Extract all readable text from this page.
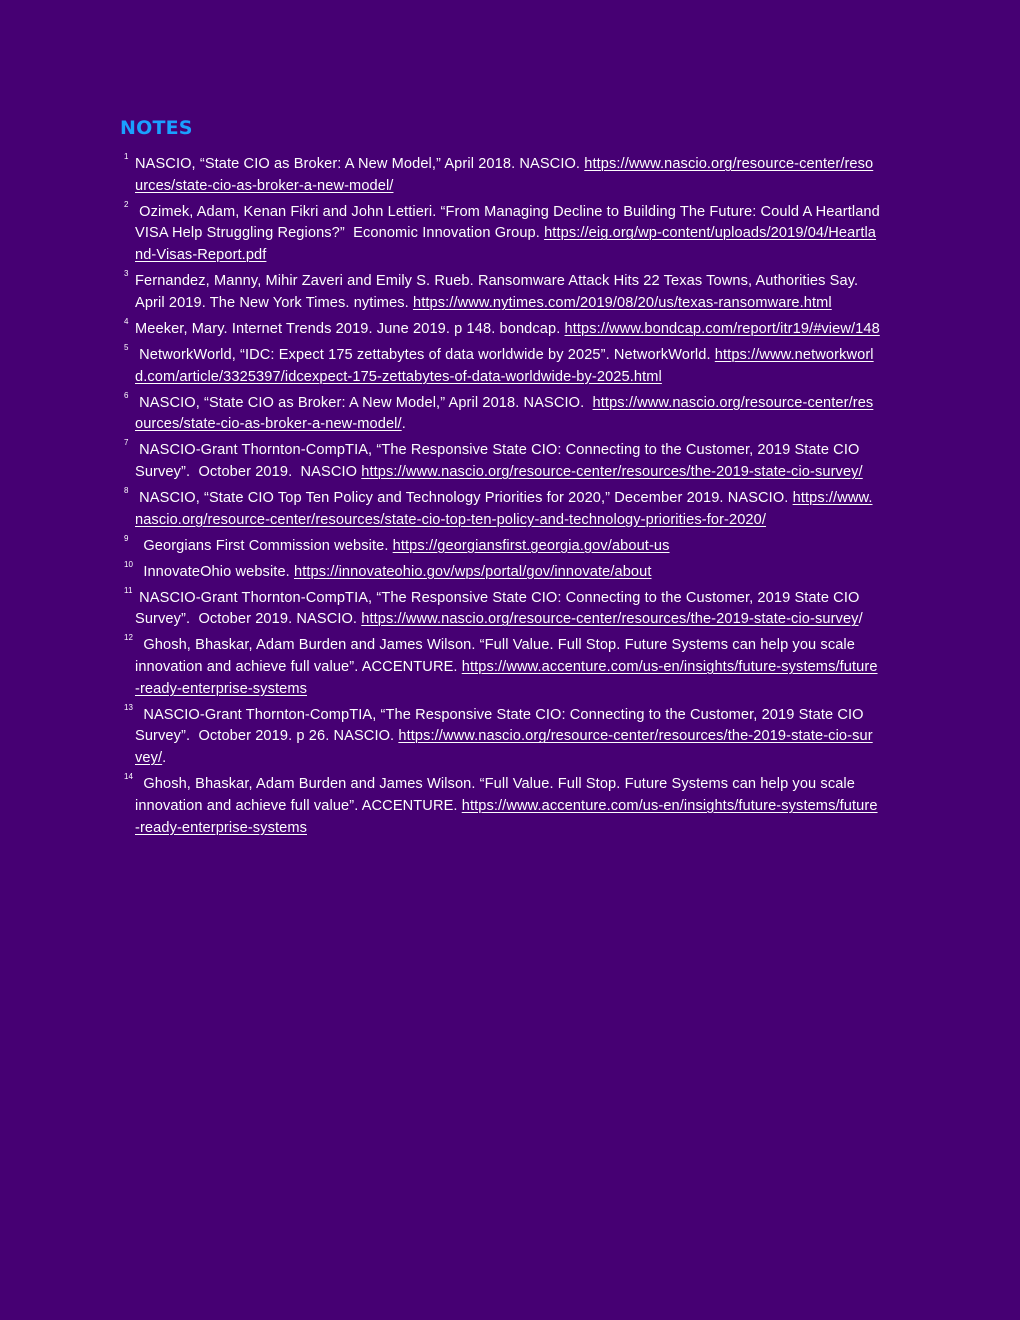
NOTES
1 NASCIO, “State CIO as Broker: A New Model,” April 2018. NASCIO. https://www.nascio.org/resource-center/resources/state-cio-as-broker-a-new-model/
2 Ozimek, Adam, Kenan Fikri and John Lettieri. “From Managing Decline to Building The Future: Could A Heartland VISA Help Struggling Regions?”  Economic Innovation Group. https://eig.org/wp-content/uploads/2019/04/Heartland-Visas-Report.pdf
3 Fernandez, Manny, Mihir Zaveri and Emily S. Rueb. Ransomware Attack Hits 22 Texas Towns, Authorities Say.  April 2019. The New York Times. nytimes. https://www.nytimes.com/2019/08/20/us/texas-ransomware.html
4 Meeker, Mary. Internet Trends 2019. June 2019. p 148. bondcap. https://www.bondcap.com/report/itr19/#view/148
5 NetworkWorld, “IDC: Expect 175 zettabytes of data worldwide by 2025”. NetworkWorld. https://www.networkworld.com/article/3325397/idcexpect-175-zettabytes-of-data-worldwide-by-2025.html
6 NASCIO, “State CIO as Broker: A New Model,” April 2018. NASCIO.  https://www.nascio.org/resource-center/resources/state-cio-as-broker-a-new-model/.
7 NASCIO-Grant Thornton-CompTIA, “The Responsive State CIO: Connecting to the Customer, 2019 State CIO Survey”.  October 2019.  NASCIO https://www.nascio.org/resource-center/resources/the-2019-state-cio-survey/
8 NASCIO, “State CIO Top Ten Policy and Technology Priorities for 2020,” December 2019. NASCIO. https://www.nascio.org/resource-center/resources/state-cio-top-ten-policy-and-technology-priorities-for-2020/
9 Georgians First Commission website. https://georgiansfirst.georgia.gov/about-us
10 InnovateOhio website. https://innovateohio.gov/wps/portal/gov/innovate/about
11 NASCIO-Grant Thornton-CompTIA, “The Responsive State CIO: Connecting to the Customer, 2019 State CIO Survey”.  October 2019. NASCIO. https://www.nascio.org/resource-center/resources/the-2019-state-cio-survey/
12 Ghosh, Bhaskar, Adam Burden and James Wilson. “Full Value. Full Stop. Future Systems can help you scale innovation and achieve full value”. ACCENTURE. https://www.accenture.com/us-en/insights/future-systems/future-ready-enterprise-systems
13 NASCIO-Grant Thornton-CompTIA, “The Responsive State CIO: Connecting to the Customer, 2019 State CIO Survey”.  October 2019. p 26. NASCIO. https://www.nascio.org/resource-center/resources/the-2019-state-cio-survey/.
14 Ghosh, Bhaskar, Adam Burden and James Wilson. “Full Value. Full Stop. Future Systems can help you scale innovation and achieve full value”. ACCENTURE. https://www.accenture.com/us-en/insights/future-systems/future-ready-enterprise-systems
